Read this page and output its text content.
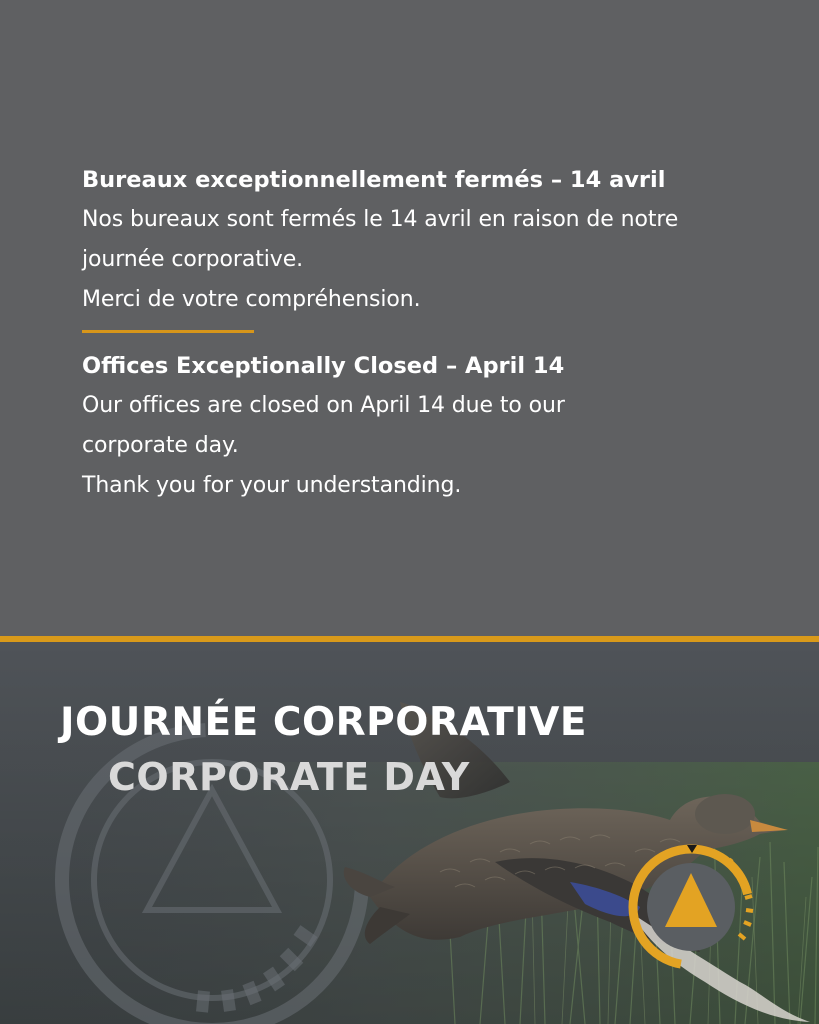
Bureaux exceptionnellement fermés – 14 avril

Nos bureaux sont fermés le 14 avril en raison de notre

journée corporative.

Merci de votre compréhension.

Offices Exceptionally Closed – April 14

Our offices are closed on April 14 due to our

corporate day.

Thank you for your understanding.

JOURNÉE CORPORATIVE
CORPORATE DAY
